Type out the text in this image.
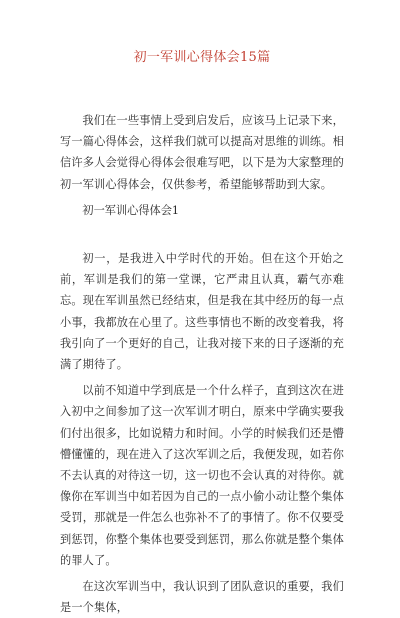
初一军训心得体会15篇

我们在一些事情上受到启发后，应该马上记录下来，写一篇心得体会，这样我们就可以提高对思维的训练。相信许多人会觉得心得体会很难写吧，以下是为大家整理的初一军训心得体会，仅供参考，希望能够帮助到大家。

初一军训心得体会1

初一，是我进入中学时代的开始。但在这个开始之前，军训是我们的第一堂课，它严肃且认真，霸气亦难忘。现在军训虽然已经结束，但是我在其中经历的每一点小事，我都放在心里了。这些事情也不断的改变着我，将我引向了一个更好的自己，让我对接下来的日子逐渐的充满了期待了。

以前不知道中学到底是一个什么样子，直到这次在进入初中之间参加了这一次军训才明白，原来中学确实要我们付出很多，比如说精力和时间。小学的时候我们还是懵懵懂懂的，现在进入了这次军训之后，我便发现，如若你不去认真的对待这一切，这一切也不会认真的对待你。就像你在军训当中如若因为自己的一点小偷小动让整个集体受罚，那就是一件怎么也弥补不了的事情了。你不仅要受到惩罚，你整个集体也要受到惩罚，那么你就是整个集体的罪人了。

在这次军训当中，我认识到了团队意识的重要，我们是一个集体，
